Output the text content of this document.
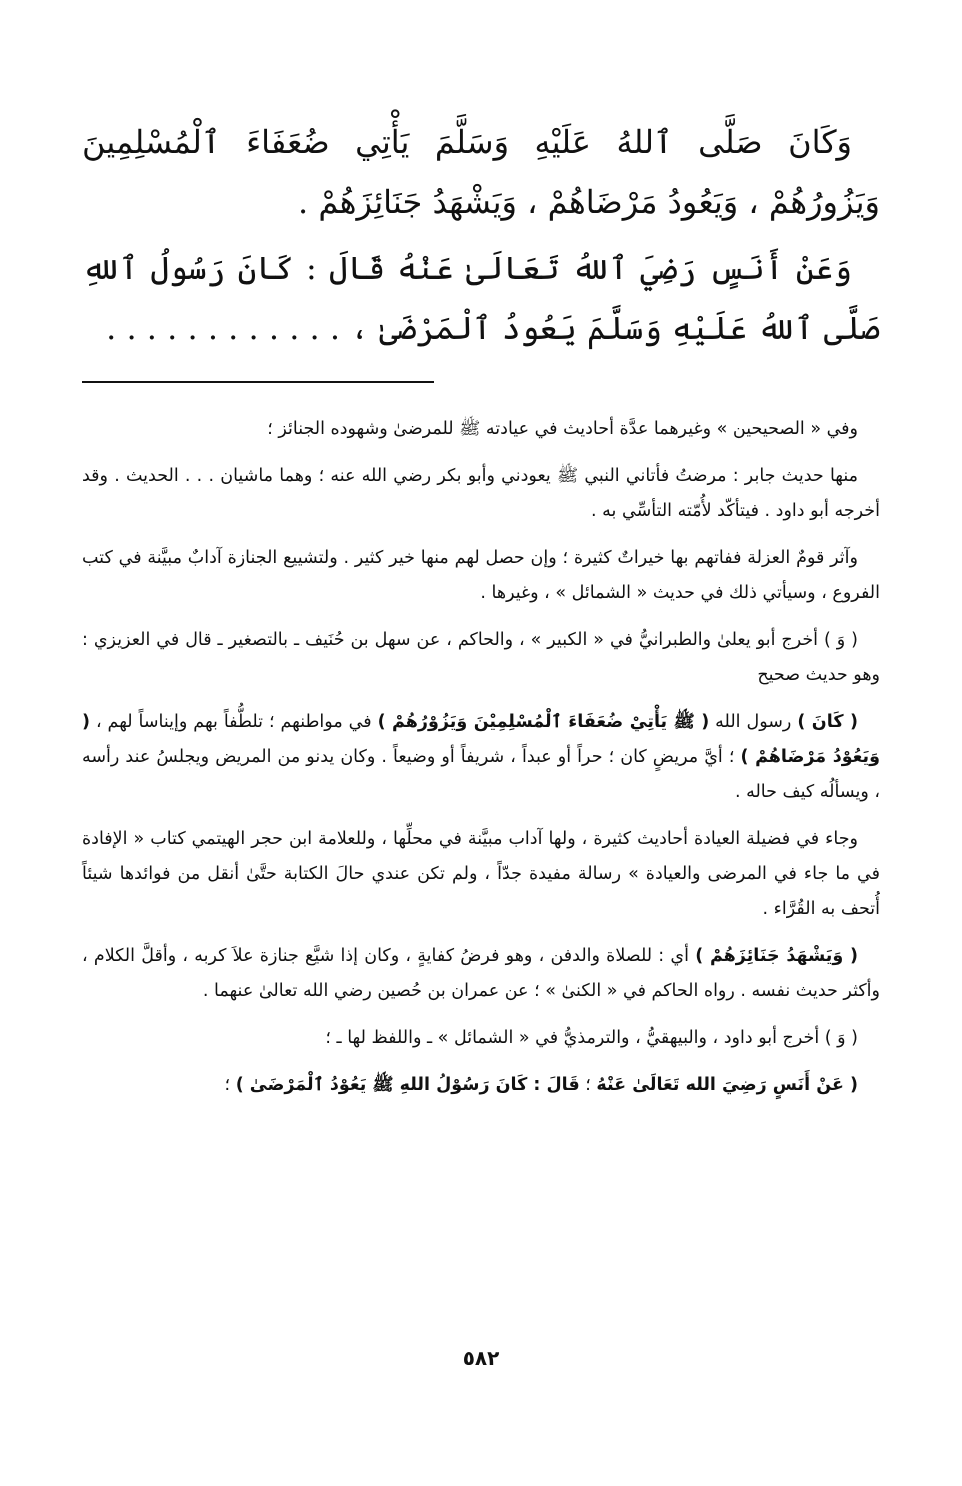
وَكَانَ صَلَّى ٱللهُ عَلَيْهِ وَسَلَّمَ يَأْتِي ضُعَفَاءَ ٱلْمُسْلِمِينَ وَيَزُورُهُمْ ، وَيَعُودُ مَرْضَاهُمْ ، وَيَشْهَدُ جَنَائِزَهُمْ .

وَعَنْ أَنَسٍ رَضِيَ ٱللهُ تَعَالَىٰ عَنْهُ قَالَ : كَانَ رَسُولُ ٱللهِ صَلَّى ٱللهُ عَلَيْهِ وَسَلَّمَ يَعُودُ ٱلْمَرْضَىٰ ، . . . . . . . . . . . .

وفي « الصحيحين » وغيرهما عدَّة أحاديث في عيادته ﷺ للمرضىٰ وشهوده الجنائز ؛

منها حديث جابر : مرضتُ فأتاني النبي ﷺ يعودني وأبو بكر رضي الله عنه ؛ وهما ماشيان . . . الحديث . وقد أخرجه أبو داود . فيتأكّد لأُمّته التأسِّي به .

وآثر قومٌ العزلة ففاتهم بها خيراتٌ كثيرة ؛ وإن حصل لهم منها خير كثير . ولتشييع الجنازة آدابٌ مبيَّنة في كتب الفروع ، وسيأتي ذلك في حديث « الشمائل » ، وغيرها .

( وَ ) أخرج أبو يعلىٰ والطبرانيُّ في « الكبير » ، والحاكم ، عن سهل بن حُنَيف ـ بالتصغير ـ قال في العزيزي : وهو حديث صحيح

( كَانَ ) رسول الله ( ﷺ يَأْتِيْ ضُعَفَاءَ ٱلْمُسْلِمِيْنَ وَيَزُوْرُهُمْ ) في مواطنهم ؛ تلطُّفاً بهم وإيناساً لهم ، ( وَيَعُوْدُ مَرْضَاهُمْ ) ؛ أيَّ مريضٍ كان ؛ حراً أو عبداً ، شريفاً أو وضيعاً . وكان يدنو من المريض ويجلسُ عند رأسه ، ويسألُه كيف حاله .

وجاء في فضيلة العيادة أحاديث كثيرة ، ولها آداب مبيَّنة في محلِّها ، وللعلامة ابن حجر الهيتمي كتاب « الإفادة في ما جاء في المرضى والعيادة » رسالة مفيدة جدّاً ، ولم تكن عندي حالَ الكتابة حتَّىٰ أنقل من فوائدها شيئاً أُتحف به القُرَّاء .

( وَيَشْهَدُ جَنَائِزَهُمْ ) أي : للصلاة والدفن ، وهو فرضُ كفايةٍ ، وكان إذا شيَّع جنازة علاَ كربه ، وأقلَّ الكلام ، وأكثر حديث نفسه . رواه الحاكم في « الكنىٰ » ؛ عن عمران بن حُصين رضي الله تعالىٰ عنهما .

( وَ ) أخرج أبو داود ، والبيهقيُّ ، والترمذيُّ في « الشمائل » ـ واللفظ لها ـ ؛

( عَنْ أَنَسٍ رَضِيَ الله تَعَالَىٰ عَنْهُ ؛ قَالَ : كَانَ رَسُوْلُ اللهِ ﷺ يَعُوْدُ ٱلْمَرْضَىٰ ) ؛

٥٨٢
